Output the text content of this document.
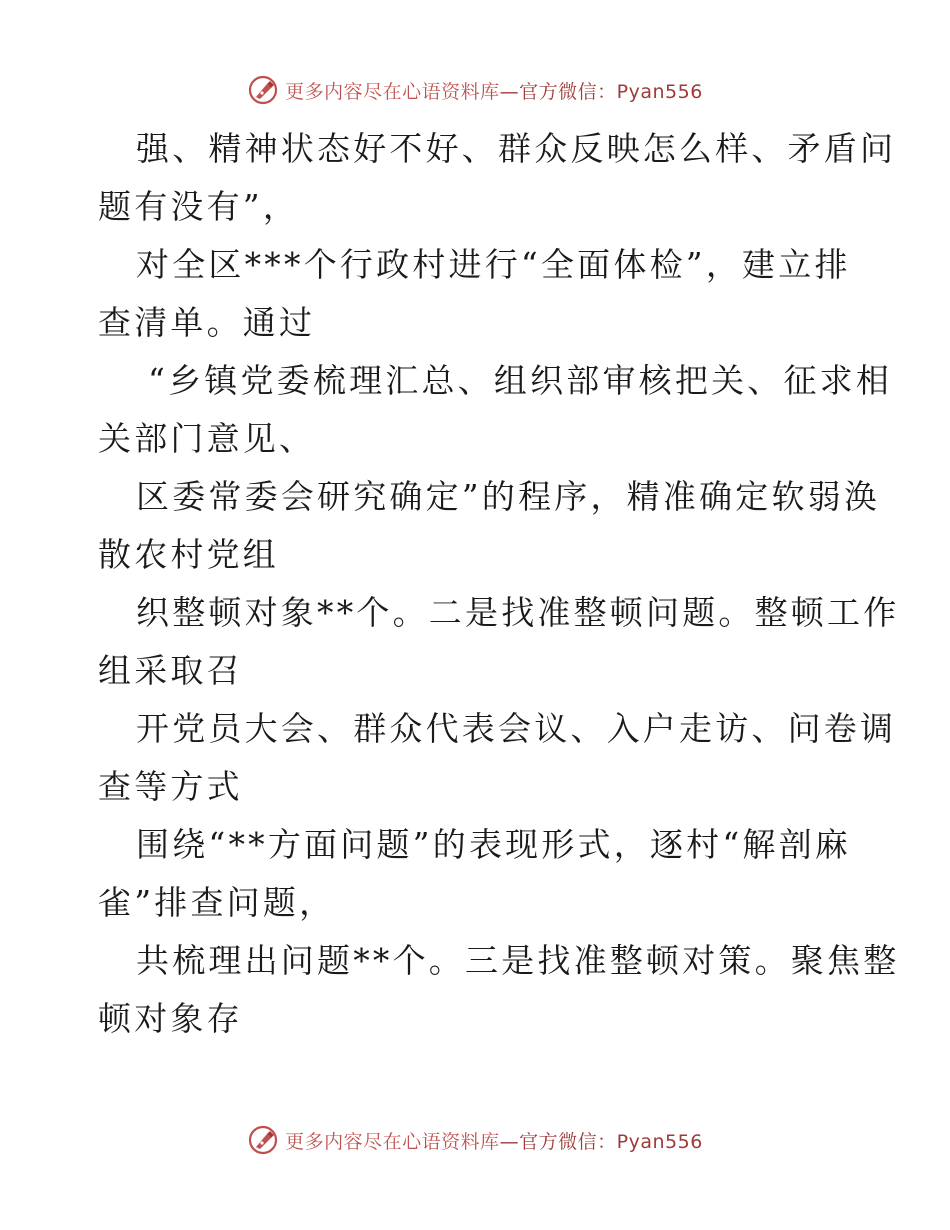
更多内容尽在心语资料库—官方微信：Pyan556
强、精神状态好不好、群众反映怎么样、矛盾问
题有没有”，
对全区***个行政村进行“全面体检”，建立排
查清单。通过
“乡镇党委梳理汇总、组织部审核把关、征求相
关部门意见、
区委常委会研究确定”的程序，精准确定软弱涣
散农村党组
织整顿对象**个。二是找准整顿问题。整顿工作
组采取召
开党员大会、群众代表会议、入户走访、问卷调
查等方式
围绕“**方面问题”的表现形式，逐村“解剖麻
雀”排查问题，
共梳理出问题**个。三是找准整顿对策。聚焦整
顿对象存
更多内容尽在心语资料库—官方微信：Pyan556
